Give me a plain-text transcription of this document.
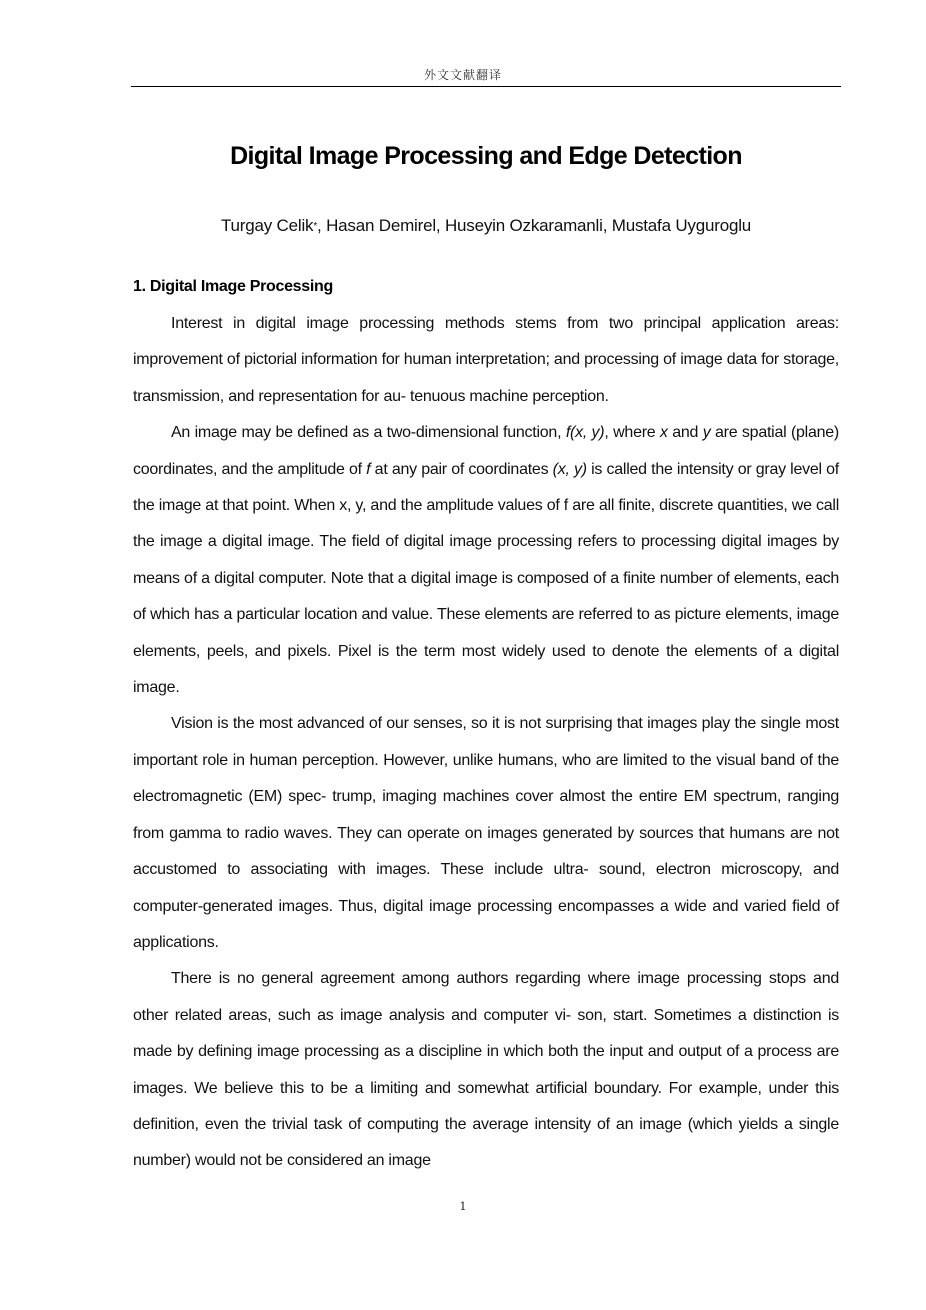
外文文献翻译
Digital Image Processing and Edge Detection

Turgay Celik*, Hasan Demirel, Huseyin Ozkaramanli, Mustafa Uyguroglu

1. Digital Image Processing

Interest in digital image processing methods stems from two principal application areas: improvement of pictorial information for human interpretation; and processing of image data for storage, transmission, and representation for au- tenuous machine perception.

An image may be defined as a two-dimensional function, f(x, y), where x and y are spatial (plane) coordinates, and the amplitude of f at any pair of coordinates (x, y) is called the intensity or gray level of the image at that point. When x, y, and the amplitude values of f are all finite, discrete quantities, we call the image a digital image. The field of digital image processing refers to processing digital images by means of a digital computer. Note that a digital image is composed of a finite number of elements, each of which has a particular location and value. These elements are referred to as picture elements, image elements, peels, and pixels. Pixel is the term most widely used to denote the elements of a digital image.

Vision is the most advanced of our senses, so it is not surprising that images play the single most important role in human perception. However, unlike humans, who are limited to the visual band of the electromagnetic (EM) spec- trump, imaging machines cover almost the entire EM spectrum, ranging from gamma to radio waves. They can operate on images generated by sources that humans are not accustomed to associating with images. These include ultra- sound, electron microscopy, and computer-generated images. Thus, digital image processing encompasses a wide and varied field of applications.

There is no general agreement among authors regarding where image processing stops and other related areas, such as image analysis and computer vi- son, start. Sometimes a distinction is made by defining image processing as a discipline in which both the input and output of a process are images. We believe this to be a limiting and somewhat artificial boundary. For example, under this definition, even the trivial task of computing the average intensity of an image (which yields a single number) would not be considered an image

1
